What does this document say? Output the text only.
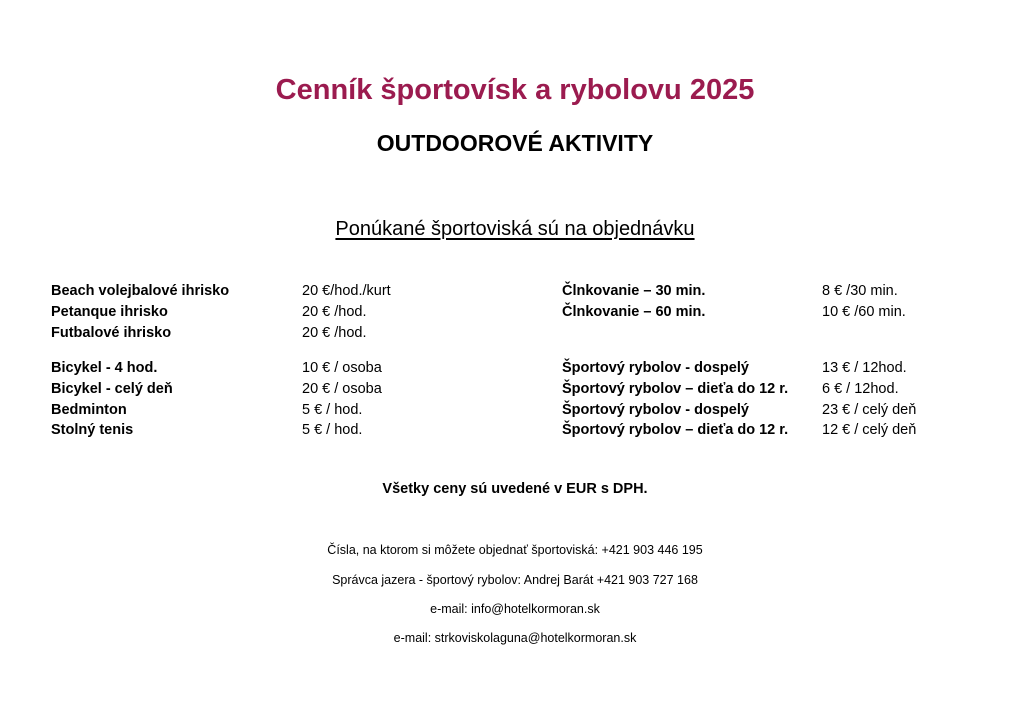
Cenník športovísk a rybolovu 2025
OUTDOOROVÉ AKTIVITY
Ponúkané športoviská sú na objednávku
Beach volejbalové ihrisko
Petanque ihrisko
Futbalové ihrisko
Bicykel - 4 hod.
Bicykel - celý deň
Bedminton
Stolný tenis
20 €/hod./kurt
20 € /hod.
20 € /hod.
10 € / osoba
20 € / osoba
5 € / hod.
5 € / hod.
Člnkovanie – 30 min.
Člnkovanie – 60 min.
Športový rybolov - dospelý
Športový rybolov – dieťa do 12 r.
Športový rybolov - dospelý
Športový rybolov – dieťa do 12 r.
8 € /30 min.
10 € /60 min.
13 € / 12hod.
6 € / 12hod.
23 € / celý deň
12 € / celý deň
Všetky ceny sú uvedené v EUR s DPH.
Čísla, na ktorom si môžete objednať športoviská: +421 903 446 195
Správca jazera - športový rybolov: Andrej Barát +421 903 727 168
e-mail: info@hotelkormoran.sk
e-mail: strkoviskolaguna@hotelkormoran.sk
